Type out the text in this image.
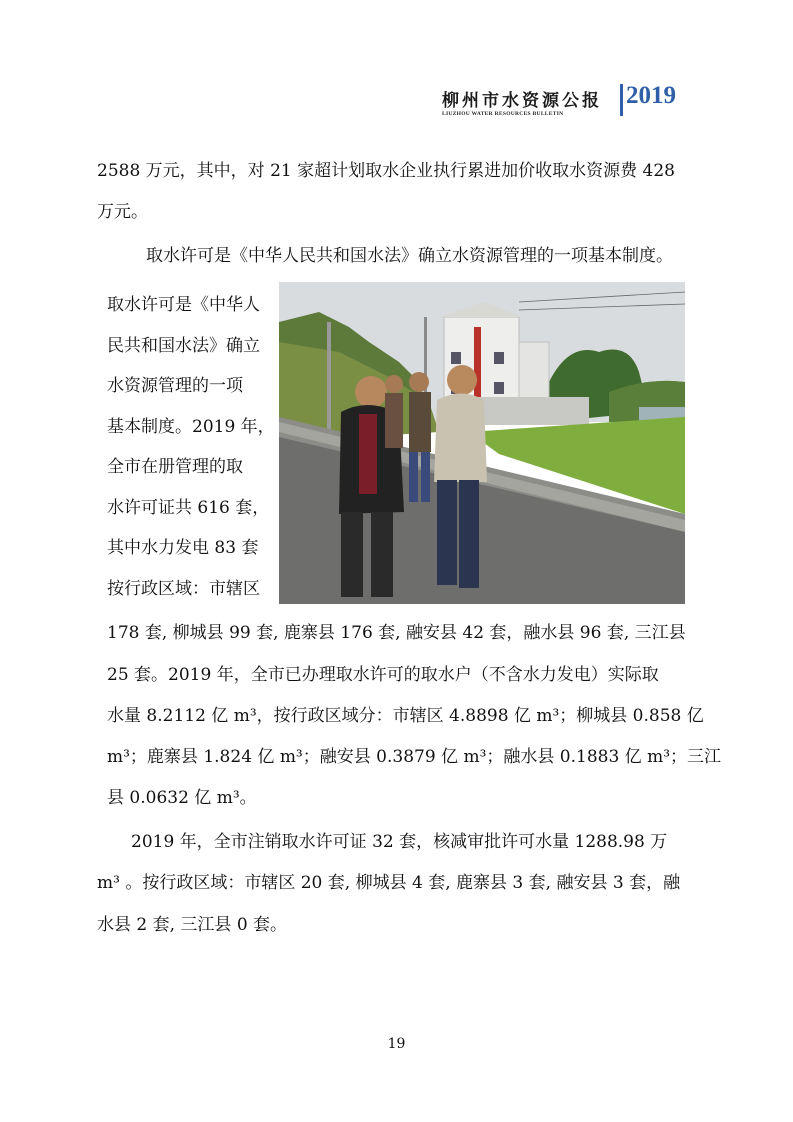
柳州市水资源公报
LIUZHOU WATER RESOURCES BULLETIN
2019
2588 万元，其中，对 21 家超计划取水企业执行累进加价收取水资源费 428
万元。
取水许可是《中华人民共和国水法》确立水资源管理的一项基本制度。
取水许可是《中华人
民共和国水法》确立
水资源管理的一项
基本制度。2019 年，
全市在册管理的取
水许可证共 616 套，
其中水力发电 83 套
按行政区域：市辖区
178 套, 柳城县 99 套, 鹿寨县 176 套, 融安县 42 套，融水县 96 套, 三江县
25 套。2019 年，全市已办理取水许可的取水户（不含水力发电）实际取
水量 8.2112 亿 m³，按行政区域分：市辖区 4.8898 亿 m³；柳城县 0.858 亿
m³；鹿寨县 1.824 亿 m³；融安县 0.3879 亿 m³；融水县 0.1883 亿 m³；三江
县 0.0632 亿 m³。
2019 年，全市注销取水许可证 32 套，核减审批许可水量 1288.98 万
m³ 。按行政区域：市辖区 20 套, 柳城县 4 套, 鹿寨县 3 套, 融安县 3 套，融
水县 2 套, 三江县 0 套。
19
